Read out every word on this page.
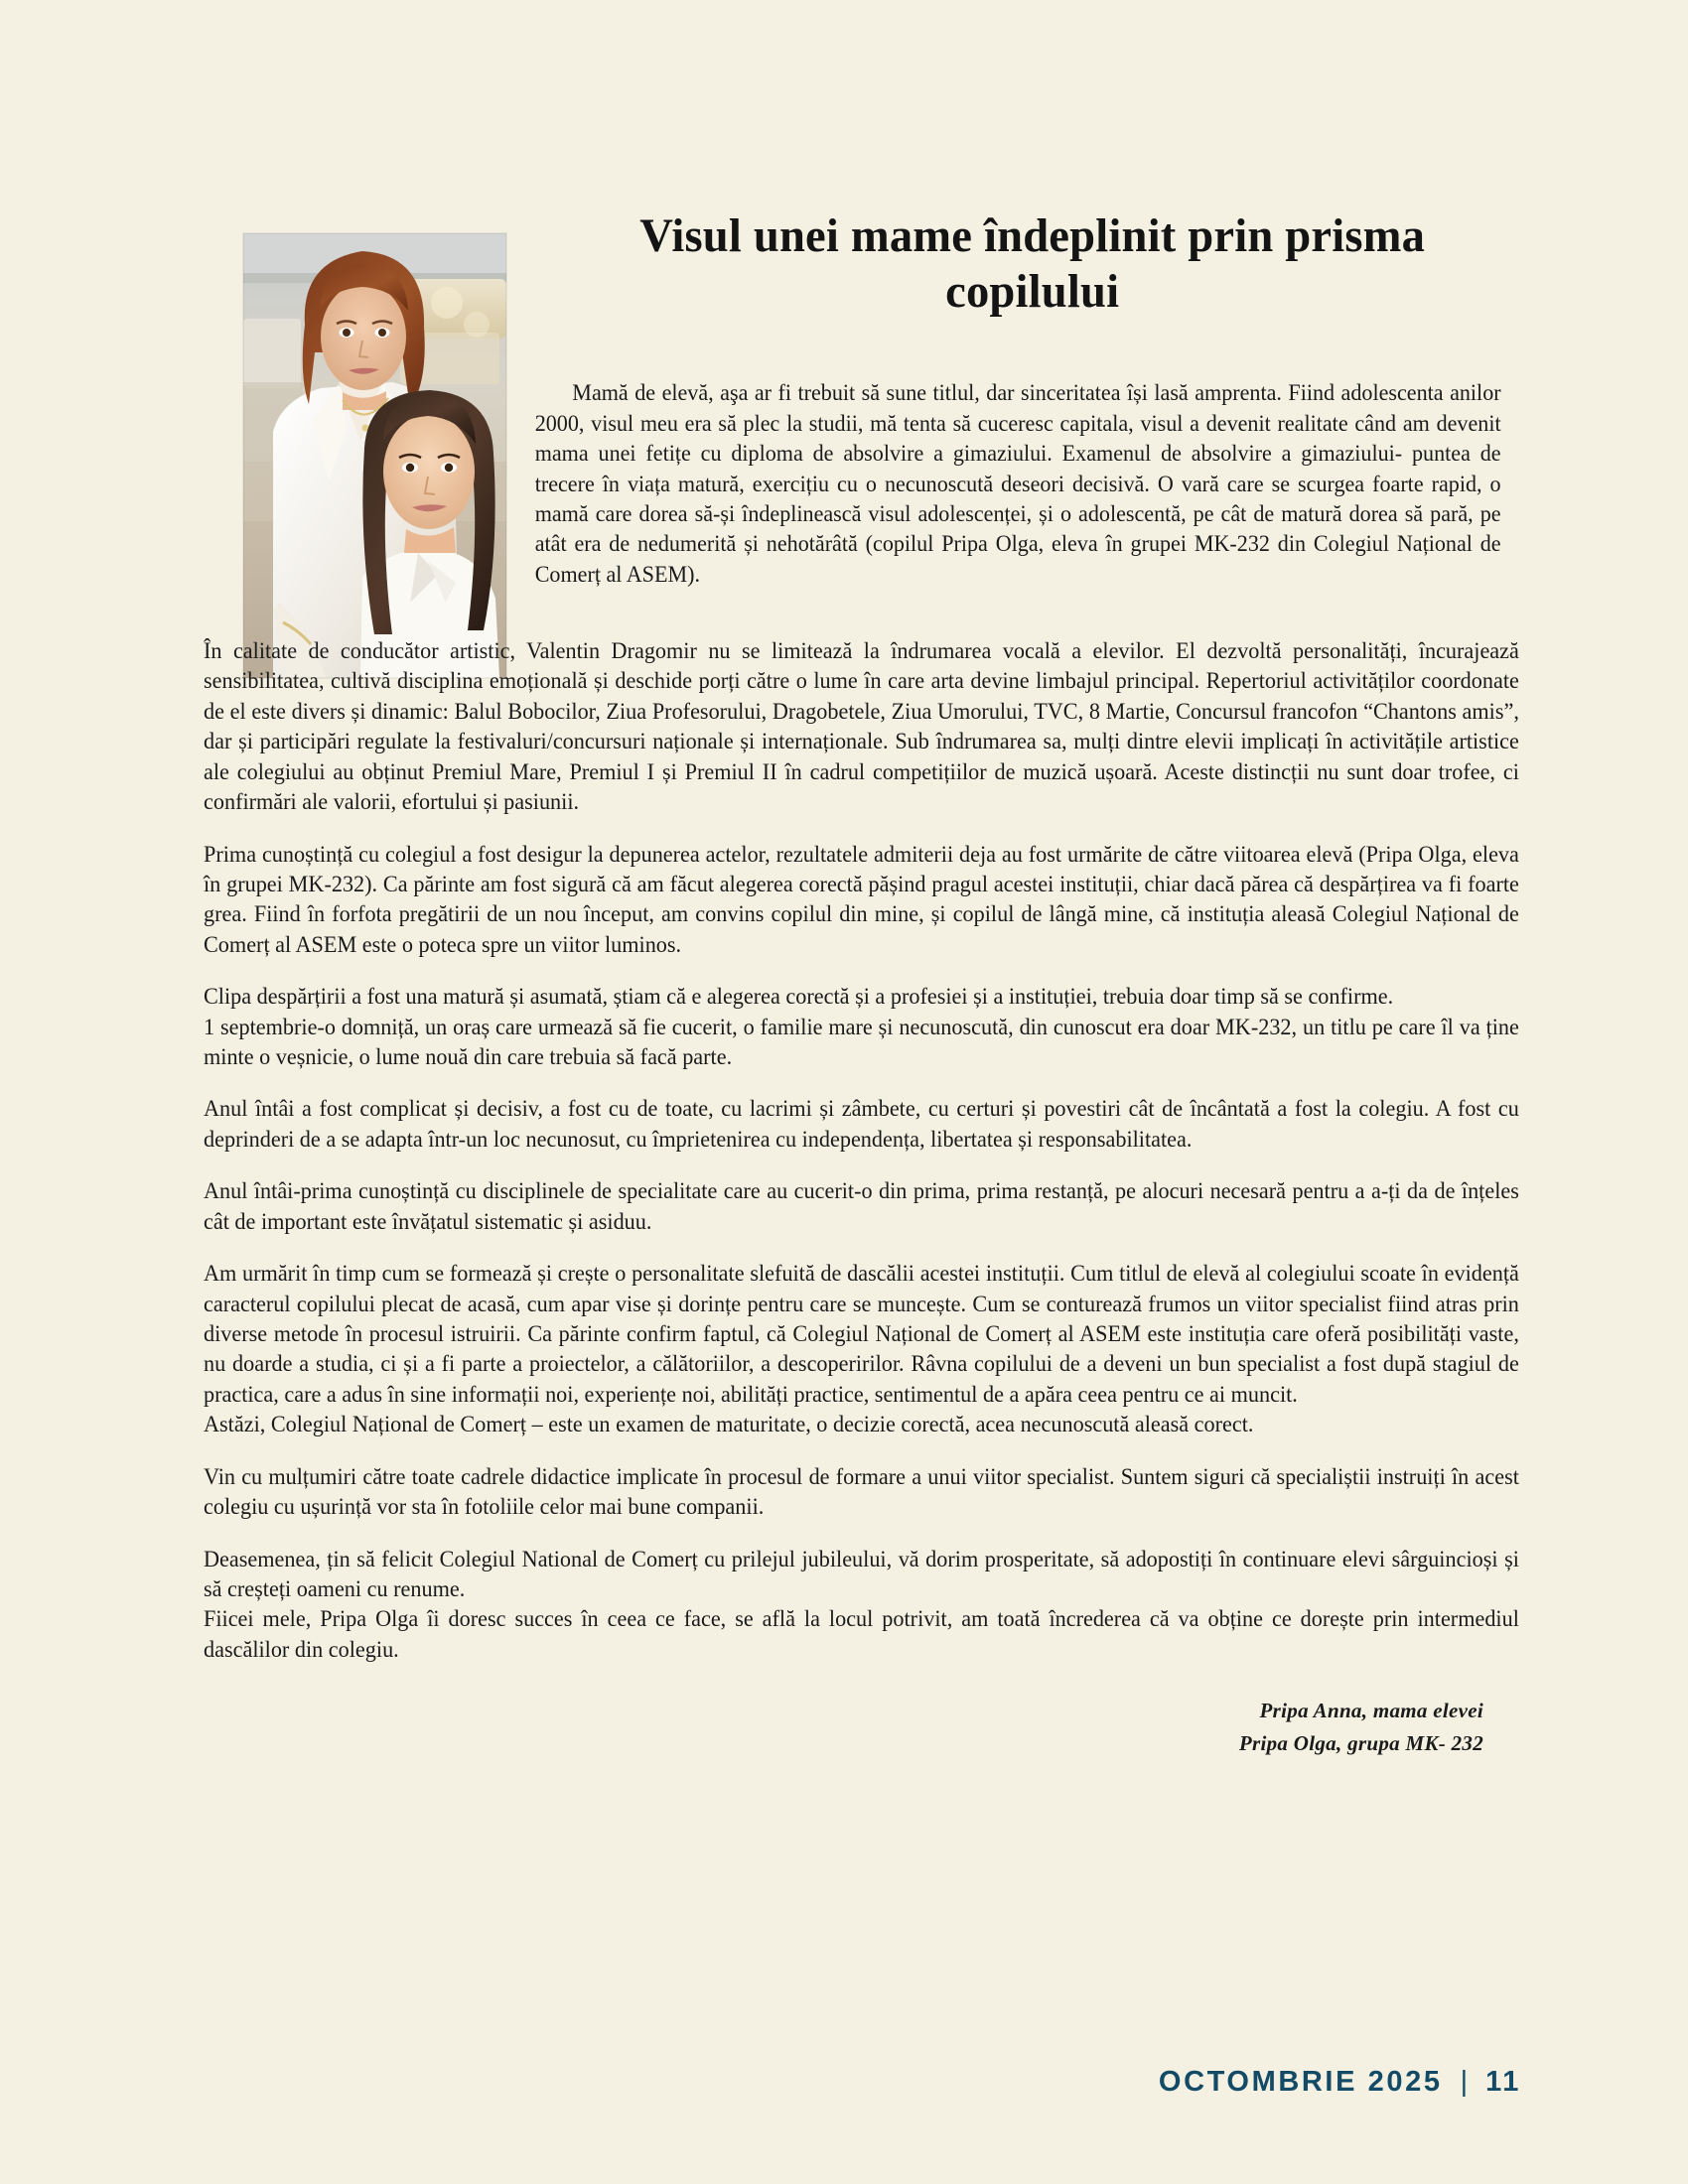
Visul unei mame îndeplinit prin prisma copilului

Mamă de elevă, aşa ar fi trebuit să sune titlul, dar sinceritatea își lasă amprenta. Fiind adolescenta anilor 2000, visul meu era să plec la studii, mă tenta să cuceresc capitala, visul a devenit realitate când am devenit mama unei fetițe cu diploma de absolvire a gimaziului. Examenul de absolvire a gimaziului- puntea de trecere în viața matură, exercițiu cu o necunoscută deseori decisivă. O vară care se scurgea foarte rapid, o mamă care dorea să-și îndeplinească visul adolescenței, și o adolescentă, pe cât de matură dorea să pară, pe atât era de nedumerită și nehotărâtă (copilul Pripa Olga, eleva în grupei MK-232 din Colegiul Național de Comerț al ASEM).

În calitate de conducător artistic, Valentin Dragomir nu se limitează la îndrumarea vocală a elevilor. El dezvoltă personalități, încurajează sensibilitatea, cultivă disciplina emoțională și deschide porți către o lume în care arta devine limbajul principal. Repertoriul activităților coordonate de el este divers și dinamic: Balul Bobocilor, Ziua Profesorului, Dragobetele, Ziua Umorului, TVC, 8 Martie, Concursul francofon “Chantons amis”, dar și participări regulate la festivaluri/concursuri naționale și internaționale. Sub îndrumarea sa, mulți dintre elevii implicați în activitățile artistice ale colegiului au obținut Premiul Mare, Premiul I și Premiul II în cadrul competițiilor de muzică ușoară. Aceste distincții nu sunt doar trofee, ci confirmări ale valorii, efortului și pasiunii.

Prima cunoștință cu colegiul a fost desigur la depunerea actelor, rezultatele admiterii deja au fost urmărite de către viitoarea elevă (Pripa Olga, eleva în grupei MK-232). Ca părinte am fost sigură că am făcut alegerea corectă pășind pragul acestei instituții, chiar dacă părea că despărțirea va fi foarte grea. Fiind în forfota pregătirii de un nou început, am convins copilul din mine, și copilul de lângă mine, că instituția aleasă Colegiul Național de Comerț al ASEM este o poteca spre un viitor luminos.

Clipa despărțirii a fost una matură și asumată, știam că e alegerea corectă și a profesiei și a instituției, trebuia doar timp să se confirme.

1 septembrie-o domniță, un oraș care urmează să fie cucerit, o familie mare și necunoscută, din cunoscut era doar MK-232, un titlu pe care îl va ține minte o veșnicie, o lume nouă din care trebuia să facă parte.

Anul întâi a fost complicat și decisiv, a fost cu de toate, cu lacrimi și zâmbete, cu certuri și povestiri cât de încântată a fost la colegiu. A fost cu deprinderi de a se adapta într-un loc necunosut, cu împrietenirea cu independența, libertatea și responsabilitatea.

Anul întâi-prima cunoștință cu disciplinele de specialitate care au cucerit-o din prima, prima restanță, pe alocuri necesară pentru a a-ți da de înțeles cât de important este învățatul sistematic și asiduu.

Am urmărit în timp cum se formează și crește o personalitate slefuită de dascălii acestei instituții. Cum titlul de elevă al colegiului scoate în evidență caracterul copilului plecat de acasă, cum apar vise și dorințe pentru care se muncește. Cum se conturează frumos un viitor specialist fiind atras prin diverse metode în procesul istruirii. Ca părinte confirm faptul, că Colegiul Național de Comerț al ASEM este instituția care oferă posibilități vaste, nu doarde a studia, ci și a fi parte a proiectelor, a călătoriilor, a descoperirilor. Râvna copilului de a deveni un bun specialist a fost după stagiul de practica, care a adus în sine informații noi, experiențe noi, abilități practice, sentimentul de a apăra ceea pentru ce ai muncit.

Astăzi, Colegiul Național de Comerț – este un examen de maturitate, o decizie corectă, acea necunoscută aleasă corect.

Vin cu mulțumiri către toate cadrele didactice implicate în procesul de formare a unui viitor specialist. Suntem siguri că specialiștii instruiți în acest colegiu cu ușurință vor sta în fotoliile celor mai bune companii.

Deasemenea, țin să felicit Colegiul National de Comerț cu prilejul jubileului, vă dorim prosperitate, să adopostiți în continuare elevi sârguincioși și să creșteți oameni cu renume.

Fiicei mele, Pripa Olga îi doresc succes în ceea ce face, se află la locul potrivit, am toată încrederea că va obține ce dorește prin intermediul dascălilor din colegiu.

Pripa Anna, mama elevei
Pripa Olga, grupa MK- 232
OCTOMBRIE 2025 | 11
